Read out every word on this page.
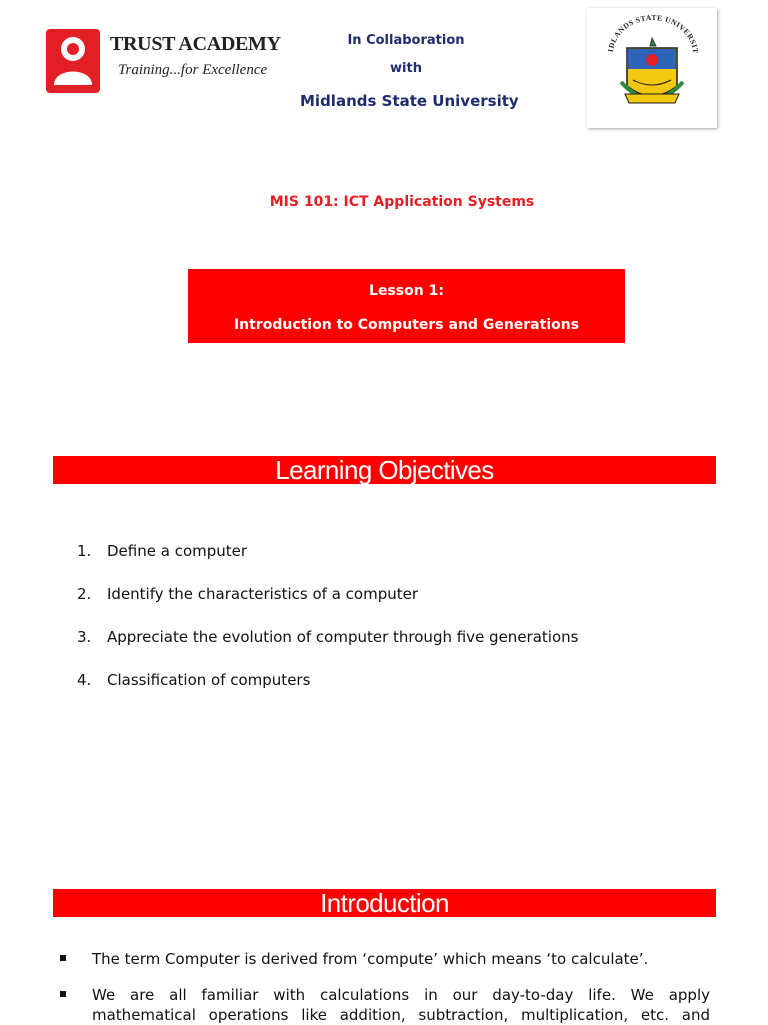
TRUST ACADEMY
Training...for Excellence
In Collaboration
with
Midlands State University
IDLANDS STATE UNIVERSIT
MIS 101: ICT Application Systems
Lesson 1:
Introduction to Computers and Generations
Learning Objectives
1. Define a computer
2. Identify the characteristics of a computer
3. Appreciate the evolution of computer through five generations
4. Classification of computers
Introduction
The term Computer is derived from ‘compute’ which means ‘to calculate’.
We are all familiar with calculations in our day-to-day life. We apply
mathematical operations like addition, subtraction, multiplication, etc. and
